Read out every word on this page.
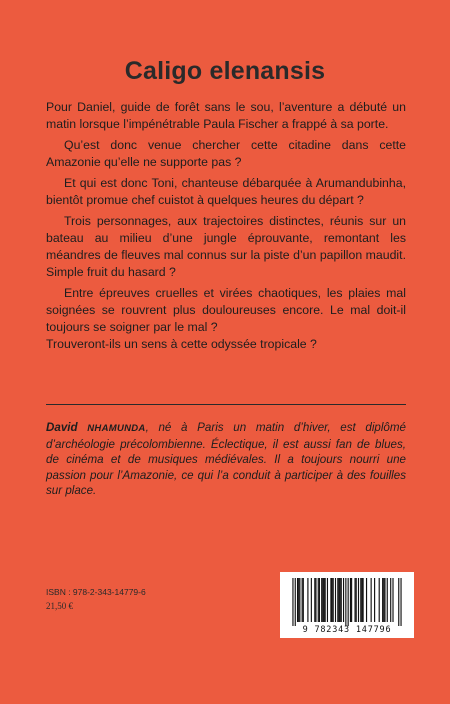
Caligo elenansis

Pour Daniel, guide de forêt sans le sou, l’aventure a débuté un matin lorsque l’impénétrable Paula Fischer a frappé à sa porte.

Qu’est donc venue chercher cette citadine dans cette Amazonie qu’elle ne supporte pas ?

Et qui est donc Toni, chanteuse débarquée à Arumandubinha, bientôt promue chef cuistot à quelques heures du départ ?

Trois personnages, aux trajectoires distinctes, réunis sur un bateau au milieu d’une jungle éprouvante, remontant les méandres de fleuves mal connus sur la piste d’un papillon maudit. Simple fruit du hasard ?

Entre épreuves cruelles et virées chaotiques, les plaies mal soignées se rouvrent plus douloureuses encore. Le mal doit-il toujours se soigner par le mal ?

Trouveront-ils un sens à cette odyssée tropicale ?

David NHAMUNDA, né à Paris un matin d’hiver, est diplômé d’archéologie précolombienne. Éclectique, il est aussi fan de blues, de cinéma et de musiques médiévales. Il a toujours nourri une passion pour l’Amazonie, ce qui l’a conduit à participer à des fouilles sur place.
ISBN : 978-2-343-14779-6
21,50 €
9 782343 147796
